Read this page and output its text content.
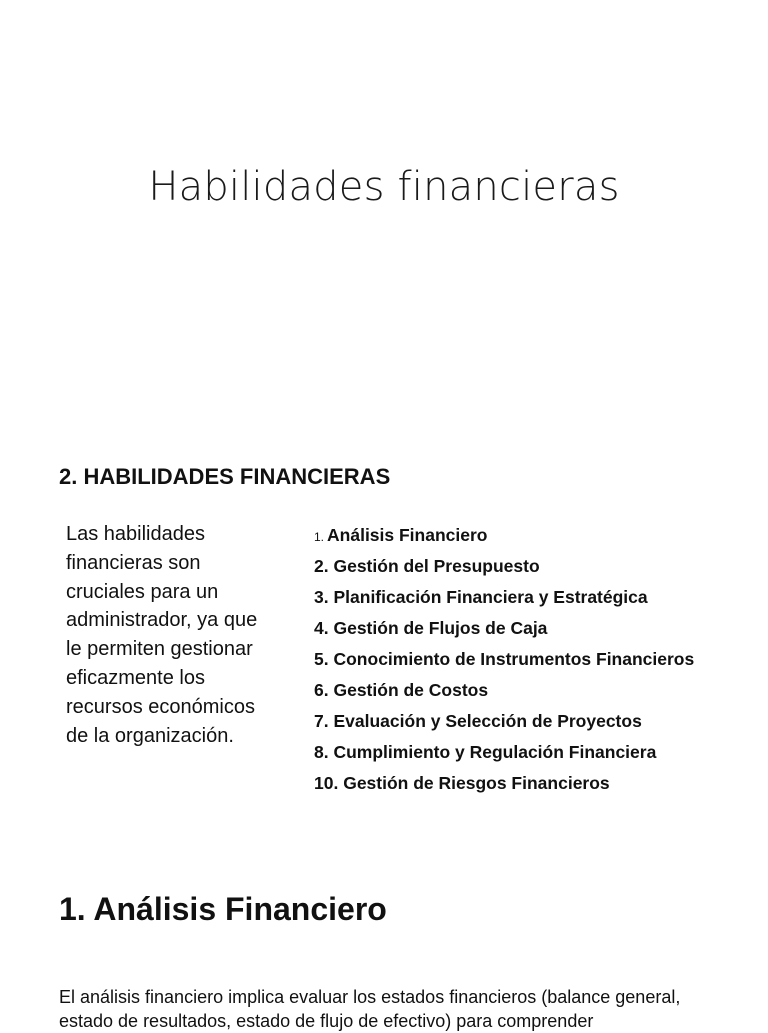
Habilidades financieras
2. HABILIDADES FINANCIERAS

Las habilidades financieras son cruciales para un administrador, ya que le permiten gestionar eficazmente los recursos económicos de la organización.

1. Análisis Financiero
2. Gestión del Presupuesto
3. Planificación Financiera y Estratégica
4. Gestión de Flujos de Caja
5. Conocimiento de Instrumentos Financieros
6. Gestión de Costos
7. Evaluación y Selección de Proyectos
8. Cumplimiento y Regulación Financiera
10. Gestión de Riesgos Financieros
1. Análisis Financiero

El análisis financiero implica evaluar los estados financieros (balance general, estado de resultados, estado de flujo de efectivo) para comprender
